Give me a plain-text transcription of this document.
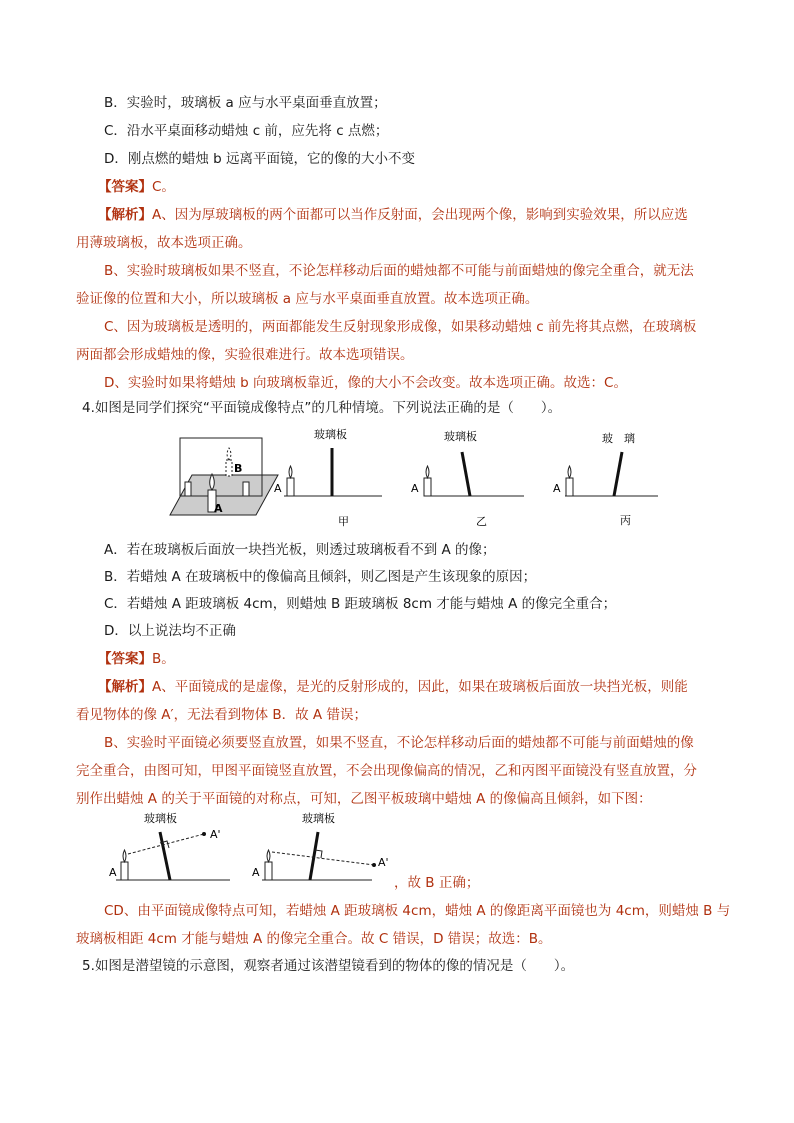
B．实验时，玻璃板 a 应与水平桌面垂直放置；
C．沿水平桌面移动蜡烛 c 前，应先将 c 点燃；
D．刚点燃的蜡烛 b 远离平面镜，它的像的大小不变
【答案】C。
【解析】A、因为厚玻璃板的两个面都可以当作反射面，会出现两个像，影响到实验效果，所以应选
用薄玻璃板，故本选项正确。
B、实验时玻璃板如果不竖直，不论怎样移动后面的蜡烛都不可能与前面蜡烛的像完全重合，就无法
验证像的位置和大小，所以玻璃板 a 应与水平桌面垂直放置。故本选项正确。
C、因为玻璃板是透明的，两面都能发生反射现象形成像，如果移动蜡烛 c 前先将其点燃，在玻璃板
两面都会形成蜡烛的像，实验很难进行。故本选项错误。
D、实验时如果将蜡烛 b 向玻璃板靠近，像的大小不会改变。故本选项正确。故选：C。
4.如图是同学们探究“平面镜成像特点”的几种情境。下列说法正确的是（　　）。
B
A
A
玻璃板
甲
A
玻璃板
乙
A
玻　璃
丙
A．若在玻璃板后面放一块挡光板，则透过玻璃板看不到 A 的像；
B．若蜡烛 A 在玻璃板中的像偏高且倾斜，则乙图是产生该现象的原因；
C．若蜡烛 A 距玻璃板 4cm，则蜡烛 B 距玻璃板 8cm 才能与蜡烛 A 的像完全重合；
D．以上说法均不正确
【答案】B。
【解析】A、平面镜成的是虚像，是光的反射形成的，因此，如果在玻璃板后面放一块挡光板，则能
看见物体的像 A′，无法看到物体 B．故 A 错误；
B、实验时平面镜必须要竖直放置，如果不竖直，不论怎样移动后面的蜡烛都不可能与前面蜡烛的像
完全重合，由图可知，甲图平面镜竖直放置，不会出现像偏高的情况，乙和丙图平面镜没有竖直放置，分
别作出蜡烛 A 的关于平面镜的对称点，可知，乙图平板玻璃中蜡烛 A 的像偏高且倾斜，如下图：
A
玻璃板
A'
A
玻璃板
A'
，故 B 正确；
CD、由平面镜成像特点可知，若蜡烛 A 距玻璃板 4cm，蜡烛 A 的像距离平面镜也为 4cm，则蜡烛 B 与
玻璃板相距 4cm 才能与蜡烛 A 的像完全重合。故 C 错误，D 错误；故选：B。
5.如图是潜望镜的示意图，观察者通过该潜望镜看到的物体的像的情况是（　　）。
